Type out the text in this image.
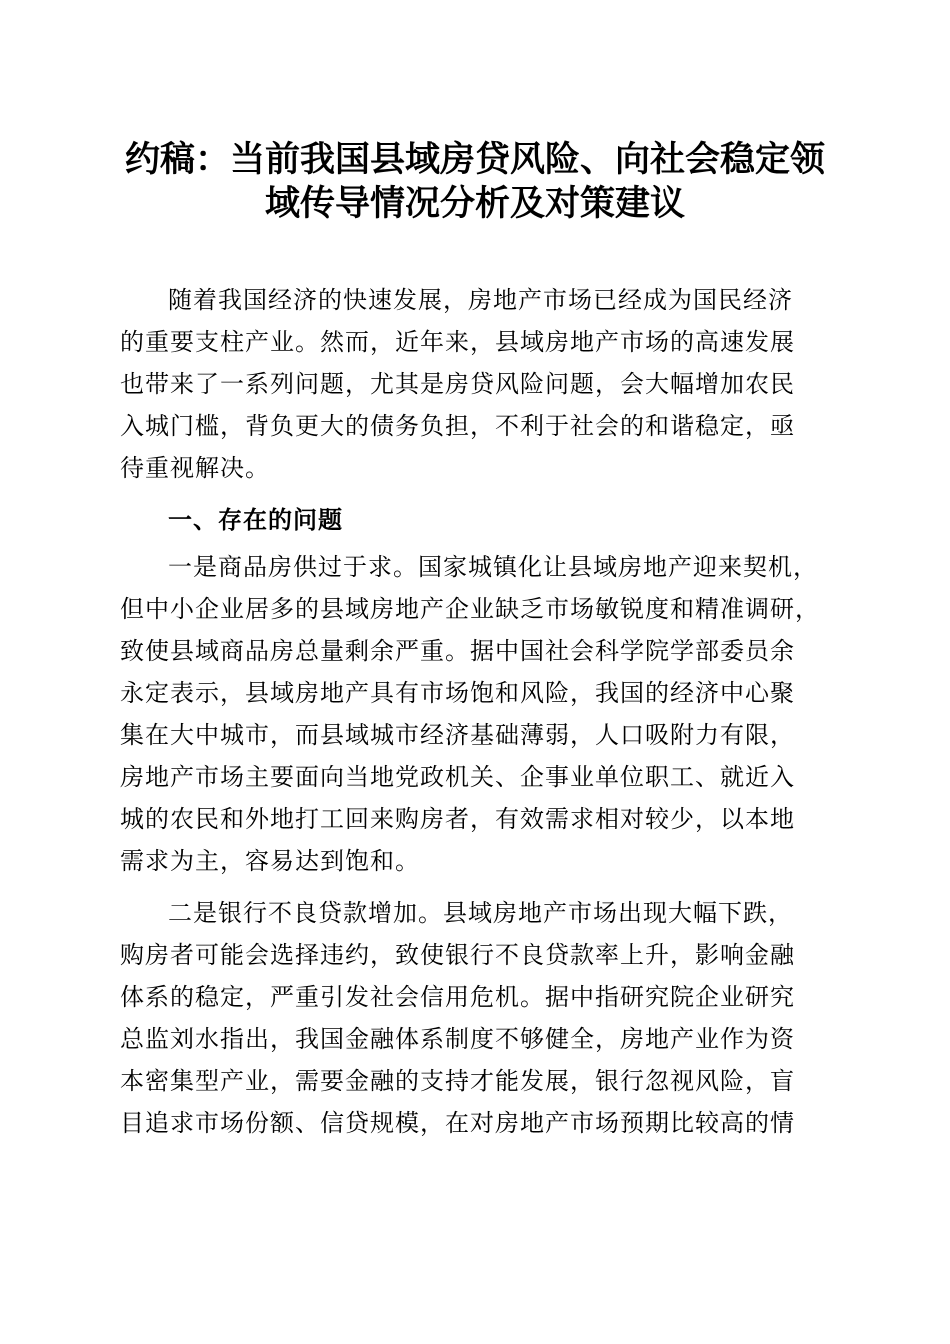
约稿：当前我国县域房贷风险、向社会稳定领
域传导情况分析及对策建议

随着我国经济的快速发展，房地产市场已经成为国民经济

的重要支柱产业。然而，近年来，县域房地产市场的高速发展

也带来了一系列问题，尤其是房贷风险问题，会大幅增加农民

入城门槛，背负更大的债务负担，不利于社会的和谐稳定，亟

待重视解决。

一、存在的问题

一是商品房供过于求。国家城镇化让县域房地产迎来契机，

但中小企业居多的县域房地产企业缺乏市场敏锐度和精准调研，

致使县域商品房总量剩余严重。据中国社会科学院学部委员余

永定表示，县域房地产具有市场饱和风险，我国的经济中心聚

集在大中城市，而县域城市经济基础薄弱，人口吸附力有限，

房地产市场主要面向当地党政机关、企事业单位职工、就近入

城的农民和外地打工回来购房者，有效需求相对较少，以本地

需求为主，容易达到饱和。

二是银行不良贷款增加。县域房地产市场出现大幅下跌，

购房者可能会选择违约，致使银行不良贷款率上升，影响金融

体系的稳定，严重引发社会信用危机。据中指研究院企业研究

总监刘水指出，我国金融体系制度不够健全，房地产业作为资

本密集型产业，需要金融的支持才能发展，银行忽视风险，盲

目追求市场份额、信贷规模，在对房地产市场预期比较高的情
